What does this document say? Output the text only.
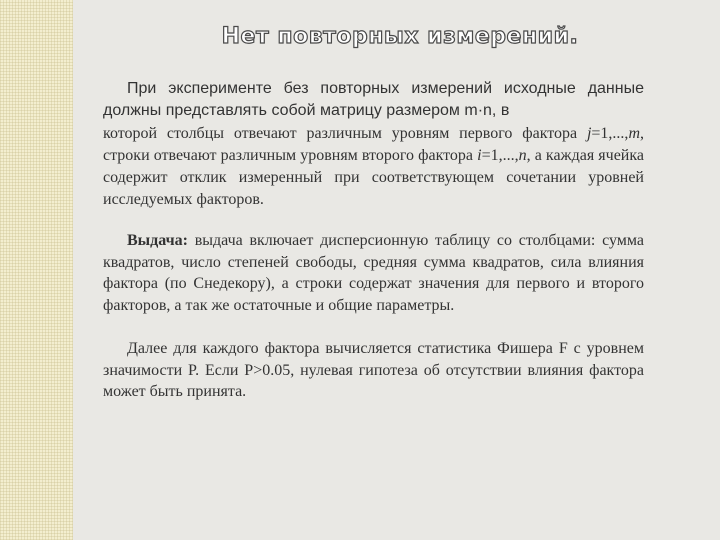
Нет повторных измерений.

При эксперименте без повторных измерений исходные данные должны представлять собой матрицу размером m·n, в

которой столбцы отвечают различным уровням первого фактора j=1,...,m, строки отвечают различным уровням второго фактора i=1,...,n, а каждая ячейка содержит отклик измеренный при соответствующем сочетании уровней исследуемых факторов.

Выдача: выдача включает дисперсионную таблицу со столбцами: сумма квадратов, число степеней свободы, средняя сумма квадратов, сила влияния фактора (по Снедекору), а строки содержат значения для первого и второго факторов, а так же остаточные и общие параметры.

Далее для каждого фактора вычисляется статистика Фишера F с уровнем значимости P. Если P>0.05, нулевая гипотеза об отсутствии влияния фактора может быть принята.
